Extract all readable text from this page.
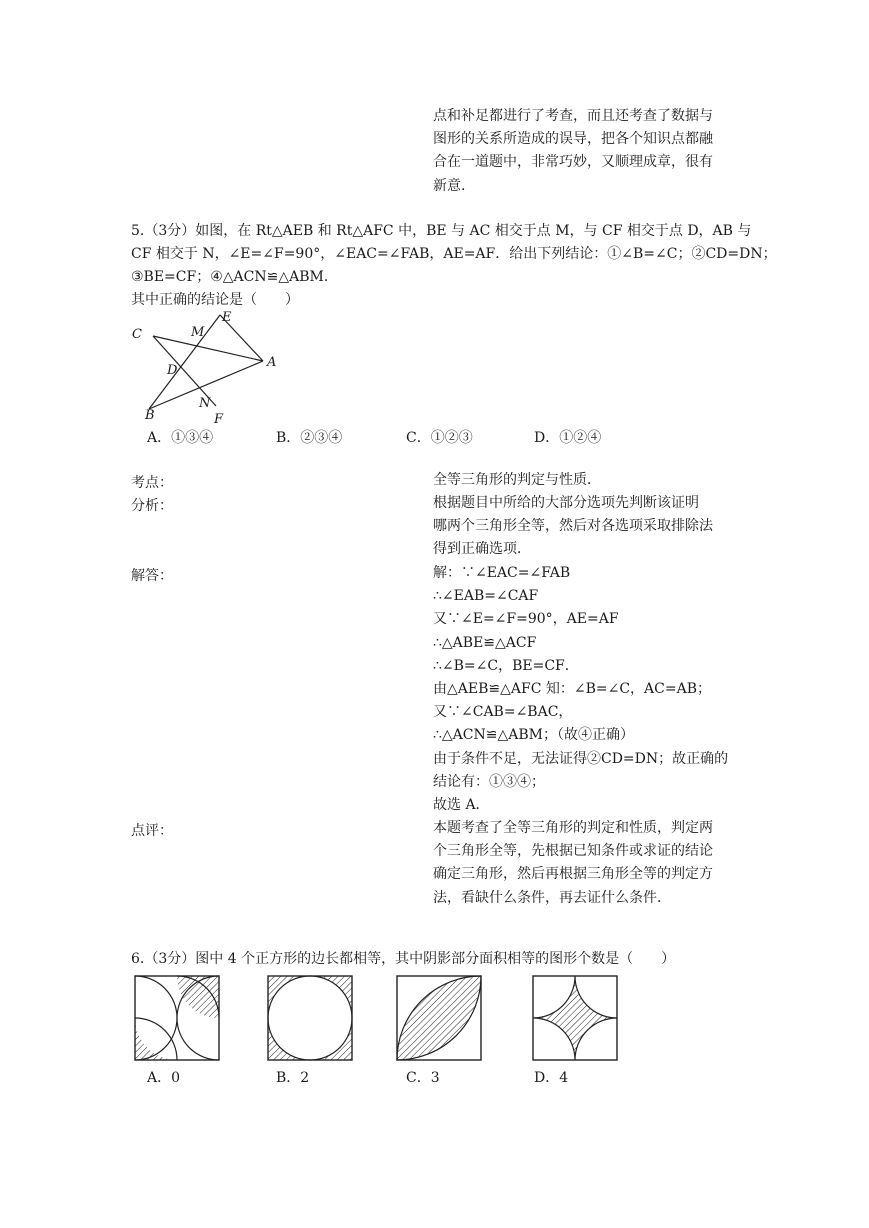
点和补足都进行了考查，而且还考查了数据与
图形的关系所造成的误导，把各个知识点都融
合在一道题中，非常巧妙，又顺理成章，很有
新意.
5.（3分）如图，在 Rt△AEB 和 Rt△AFC 中，BE 与 AC 相交于点 M，与 CF 相交于点 D，AB 与
CF 相交于 N，∠E=∠F=90°，∠EAC=∠FAB，AE=AF．给出下列结论：①∠B=∠C；②CD=DN；
③BE=CF；④△ACN≌△ABM．
其中正确的结论是（　　）
C
E
M
A
D
B
N
F
A．①③④	B．②③④	C．①②③	D．①②④
考点：	全等三角形的判定与性质．
分析：	根据题目中所给的大部分选项先判断该证明
哪两个三角形全等，然后对各选项采取排除法
得到正确选项．
解答：	解：∵∠EAC=∠FAB
∴∠EAB=∠CAF
又∵∠E=∠F=90°，AE=AF
∴△ABE≌△ACF
∴∠B=∠C，BE=CF．
由△AEB≌△AFC 知：∠B=∠C，AC=AB；
又∵∠CAB=∠BAC，
∴△ACN≌△ABM；（故④正确）
由于条件不足，无法证得②CD=DN；故正确的
结论有：①③④；
故选 A．
点评：	本题考查了全等三角形的判定和性质，判定两
个三角形全等，先根据已知条件或求证的结论
确定三角形，然后再根据三角形全等的判定方
法，看缺什么条件，再去证什么条件．
6.（3分）图中 4 个正方形的边长都相等，其中阴影部分面积相等的图形个数是（　　）
A．0	B．2	C．3	D．4
